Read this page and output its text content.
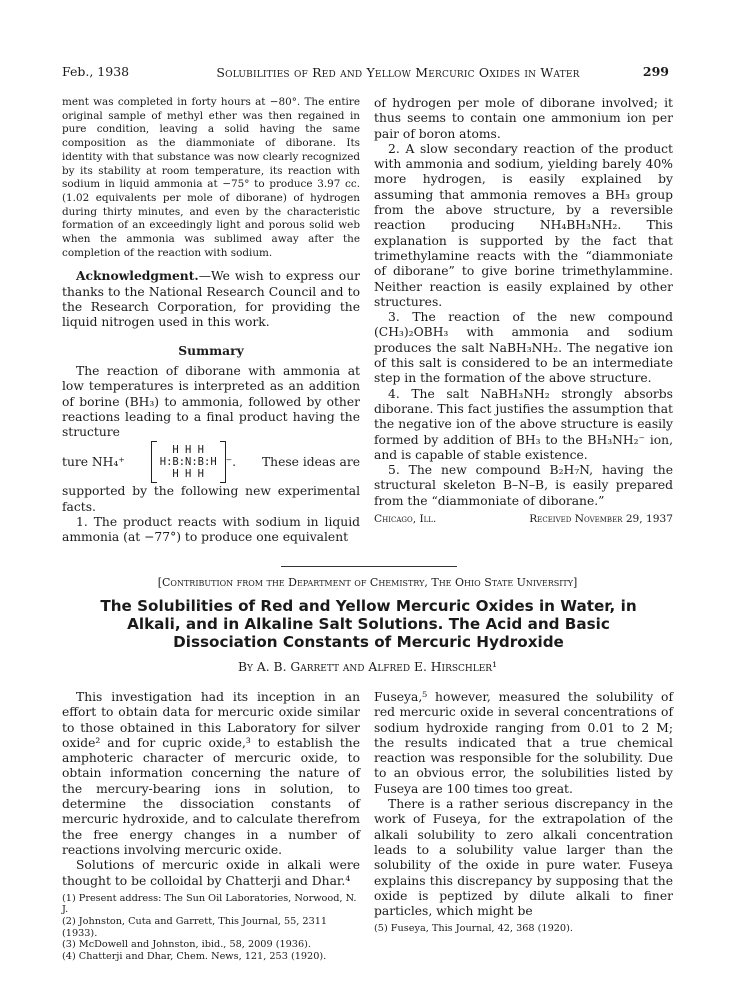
Feb., 1938	Solubilities of Red and Yellow Mercuric Oxides in Water	299

ment was completed in forty hours at −80°. The entire original sample of methyl ether was then regained in pure condition, leaving a solid having the same composition as the diammoniate of diborane. Its identity with that substance was now clearly recognized by its stability at room temperature, its reaction with sodium in liquid ammonia at −75° to produce 3.97 cc. (1.02 equivalents per mole of diborane) of hydrogen during thirty minutes, and even by the characteristic formation of an exceedingly light and porous solid web when the ammonia was sublimed away after the completion of the reaction with sodium.

Acknowledgment.—We wish to express our thanks to the National Research Council and to the Research Corporation, for providing the liquid nitrogen used in this work.

Summary

The reaction of diborane with ammonia at low temperatures is interpreted as an addition of borine (BH₃) to ammonia, followed by other reactions leading to a final product having the structure

ture NH₄⁺
H H H
H:B:N:B:H
H H H
⁻. These ideas are

supported by the following new experimental facts.

1. The product reacts with sodium in liquid ammonia (at −77°) to produce one equivalent

of hydrogen per mole of diborane involved; it thus seems to contain one ammonium ion per pair of boron atoms.

2. A slow secondary reaction of the product with ammonia and sodium, yielding barely 40% more hydrogen, is easily explained by assuming that ammonia removes a BH₃ group from the above structure, by a reversible reaction producing NH₄BH₃NH₂. This explanation is supported by the fact that trimethylamine reacts with the “diammoniate of diborane” to give borine trimethylammine. Neither reaction is easily explained by other structures.

3. The reaction of the new compound (CH₃)₂OBH₃ with ammonia and sodium produces the salt NaBH₃NH₂. The negative ion of this salt is considered to be an intermediate step in the formation of the above structure.

4. The salt NaBH₃NH₂ strongly absorbs diborane. This fact justifies the assumption that the negative ion of the above structure is easily formed by addition of BH₃ to the BH₃NH₂⁻ ion, and is capable of stable existence.

5. The new compound B₂H₇N, having the structural skeleton B–N–B, is easily prepared from the “diammoniate of diborane.”

Chicago, Ill.	Received November 29, 1937
[Contribution from the Department of Chemistry, The Ohio State University]
The Solubilities of Red and Yellow Mercuric Oxides in Water, in Alkali, and in Alkaline Salt Solutions. The Acid and Basic Dissociation Constants of Mercuric Hydroxide
By A. B. Garrett and Alfred E. Hirschler¹

This investigation had its inception in an effort to obtain data for mercuric oxide similar to those obtained in this Laboratory for silver oxide² and for cupric oxide,³ to establish the amphoteric character of mercuric oxide, to obtain information concerning the nature of the mercury-bearing ions in solution, to determine the dissociation constants of mercuric hydroxide, and to calculate therefrom the free energy changes in a number of reactions involving mercuric oxide.

Solutions of mercuric oxide in alkali were thought to be colloidal by Chatterji and Dhar.⁴

(1) Present address: The Sun Oil Laboratories, Norwood, N. J.

(2) Johnston, Cuta and Garrett, This Journal, 55, 2311 (1933).

(3) McDowell and Johnston, ibid., 58, 2009 (1936).

(4) Chatterji and Dhar, Chem. News, 121, 253 (1920).

Fuseya,⁵ however, measured the solubility of red mercuric oxide in several concentrations of sodium hydroxide ranging from 0.01 to 2 M; the results indicated that a true chemical reaction was responsible for the solubility. Due to an obvious error, the solubilities listed by Fuseya are 100 times too great.

There is a rather serious discrepancy in the work of Fuseya, for the extrapolation of the alkali solubility to zero alkali concentration leads to a solubility value larger than the solubility of the oxide in pure water. Fuseya explains this discrepancy by supposing that the oxide is peptized by dilute alkali to finer particles, which might be

(5) Fuseya, This Journal, 42, 368 (1920).
